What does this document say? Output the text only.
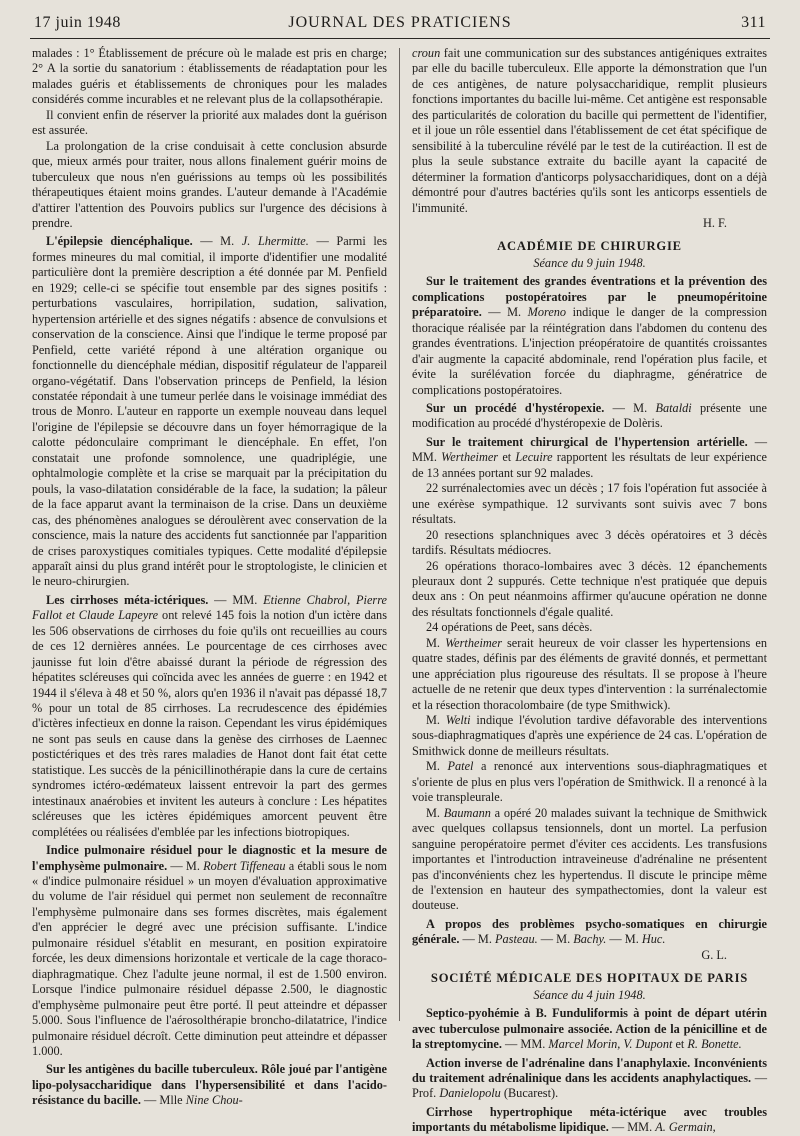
17 juin 1948	JOURNAL DES PRATICIENS	311

malades : 1° Établissement de précure où le malade est pris en charge; 2° A la sortie du sanatorium : établissements de réadaptation pour les malades guéris et établissements de chroniques pour les malades considérés comme incurables et ne relevant plus de la collapsothérapie.

Il convient enfin de réserver la priorité aux malades dont la guérison est assurée.

La prolongation de la crise conduisait à cette conclusion absurde que, mieux armés pour traiter, nous allons finalement guérir moins de tuberculeux que nous n'en guérissions au temps où les possibilités thérapeutiques étaient moins grandes. L'auteur demande à l'Académie d'attirer l'attention des Pouvoirs publics sur l'urgence des décisions à prendre.

L'épilepsie diencéphalique. — M. J. Lhermitte. — Parmi les formes mineures du mal comitial, il importe d'identifier une modalité particulière dont la première description a été donnée par M. Penfield en 1929; celle-ci se spécifie tout ensemble par des signes positifs : perturbations vasculaires, horripilation, sudation, salivation, hypertension artérielle et des signes négatifs : absence de convulsions et conservation de la conscience. Ainsi que l'indique le terme proposé par Penfield, cette variété répond à une altération organique ou fonctionnelle du diencéphale médian, dispositif régulateur de l'appareil organo-végétatif. Dans l'observation princeps de Penfield, la lésion constatée répondait à une tumeur perlée dans le voisinage immédiat des trous de Monro. L'auteur en rapporte un exemple nouveau dans lequel l'origine de l'épilepsie se découvre dans un foyer hémorragique de la calotte pédonculaire comprimant le diencéphale. En effet, l'on constatait une profonde somnolence, une quadriplégie, une ophtalmologie complète et la crise se marquait par la précipitation du pouls, la vaso-dilatation considérable de la face, la sudation; la pâleur de la face apparut avant la terminaison de la crise. Dans un deuxième cas, des phénomènes analogues se déroulèrent avec conservation de la conscience, mais la nature des accidents fut sanctionnée par l'apparition de crises paroxystiques comitiales typiques. Cette modalité d'épilepsie apparaît ainsi du plus grand intérêt pour le stroptologiste, le clinicien et le neuro-chirurgien.

Les cirrhoses méta-ictériques. — MM. Etienne Chabrol, Pierre Fallot et Claude Lapeyre ont relevé 145 fois la notion d'un ictère dans les 506 observations de cirrhoses du foie qu'ils ont recueillies au cours de ces 12 dernières années. Le pourcentage de ces cirrhoses avec jaunisse fut loin d'être abaissé durant la période de régression des hépatites scléreuses qui coïncida avec les années de guerre : en 1942 et 1944 il s'éleva à 48 et 50 %, alors qu'en 1936 il n'avait pas dépassé 18,7 % pour un total de 85 cirrhoses. La recrudescence des épidémies d'ictères infectieux en donne la raison. Cependant les virus épidémiques ne sont pas seuls en cause dans la genèse des cirrhoses de Laennec postictériques et des très rares maladies de Hanot dont fait état cette statistique. Les succès de la pénicillinothérapie dans la cure de certains syndromes ictéro-œdémateux laissent entrevoir la part des germes intestinaux anaérobies et invitent les auteurs à conclure : Les hépatites scléreuses que les ictères épidémiques amorcent peuvent être complétées ou réalisées d'emblée par les infections biotropiques.

Indice pulmonaire résiduel pour le diagnostic et la mesure de l'emphysème pulmonaire. — M. Robert Tiffeneau a établi sous le nom « d'indice pulmonaire résiduel » un moyen d'évaluation approximative du volume de l'air résiduel qui permet non seulement de reconnaître l'emphysème pulmonaire dans ses formes discrètes, mais également d'en apprécier le degré avec une précision suffisante. L'indice pulmonaire résiduel s'établit en mesurant, en position expiratoire forcée, les deux dimensions horizontale et verticale de la cage thoraco-diaphragmatique. Chez l'adulte jeune normal, il est de 1.500 environ. Lorsque l'indice pulmonaire résiduel dépasse 2.500, le diagnostic d'emphysème pulmonaire peut être porté. Il peut atteindre et dépasser 5.000. Sous l'influence de l'aérosolthérapie broncho-dilatatrice, l'indice pulmonaire résiduel décroît. Cette diminution peut atteindre et dépasser 1.000.

Sur les antigènes du bacille tuberculeux. Rôle joué par l'antigène lipo-polysaccharidique dans l'hypersensibilité et dans l'acido-résistance du bacille. — Mlle Nine Chou-

croun fait une communication sur des substances antigéniques extraites par elle du bacille tuberculeux. Elle apporte la démonstration que l'un de ces antigènes, de nature polysaccharidique, remplit plusieurs fonctions importantes du bacille lui-même. Cet antigène est responsable des particularités de coloration du bacille qui permettent de l'identifier, et il joue un rôle essentiel dans l'établissement de cet état spécifique de sensibilité à la tuberculine révélé par le test de la cutiréaction. Il est de plus la seule substance extraite du bacille ayant la capacité de déterminer la formation d'anticorps polysaccharidiques, dont on a déjà démontré pour d'autres bactéries qu'ils sont les anticorps essentiels de l'immunité.

H. F.

ACADÉMIE DE CHIRURGIE
Séance du 9 juin 1948.

Sur le traitement des grandes éventrations et la prévention des complications postopératoires par le pneumopéritoine préparatoire. — M. Moreno indique le danger de la compression thoracique réalisée par la réintégration dans l'abdomen du contenu des grandes éventrations. L'injection préopératoire de quantités croissantes d'air augmente la capacité abdominale, rend l'opération plus facile, et évite la surélévation forcée du diaphragme, génératrice de complications postopératoires.

Sur un procédé d'hystéropexie. — M. Bataldi présente une modification au procédé d'hystéropexie de Dolèris.

Sur le traitement chirurgical de l'hypertension artérielle. — MM. Wertheimer et Lecuire rapportent les résultats de leur expérience de 13 années portant sur 92 malades.

22 surrénalectomies avec un décès ; 17 fois l'opération fut associée à une exérèse sympathique. 12 survivants sont suivis avec 7 bons résultats.

20 resections splanchniques avec 3 décès opératoires et 3 décès tardifs. Résultats médiocres.

26 opérations thoraco-lombaires avec 3 décès. 12 épanchements pleuraux dont 2 suppurés. Cette technique n'est pratiquée que depuis deux ans : On peut néanmoins affirmer qu'aucune opération ne donne des résultats fonctionnels d'égale qualité.

24 opérations de Peet, sans décès.

M. Wertheimer serait heureux de voir classer les hypertensions en quatre stades, définis par des éléments de gravité donnés, et permettant une appréciation plus rigoureuse des résultats. Il se propose à l'heure actuelle de ne retenir que deux types d'intervention : la surrénalectomie et la résection thoracolombaire (de type Smithwick).

M. Welti indique l'évolution tardive défavorable des interventions sous-diaphragmatiques d'après une expérience de 24 cas. L'opération de Smithwick donne de meilleurs résultats.

M. Patel a renoncé aux interventions sous-diaphragmatiques et s'oriente de plus en plus vers l'opération de Smithwick. Il a renoncé à la voie transpleurale.

M. Baumann a opéré 20 malades suivant la technique de Smithwick avec quelques collapsus tensionnels, dont un mortel. La perfusion sanguine peropératoire permet d'éviter ces accidents. Les transfusions importantes et l'introduction intraveineuse d'adrénaline ne présentent pas d'inconvénients chez les hypertendus. Il discute le principe même de l'extension en hauteur des sympathectomies, dont la valeur est douteuse.

A propos des problèmes psycho-somatiques en chirurgie générale. — M. Pasteau. — M. Bachy. — M. Huc.

G. L.

SOCIÉTÉ MÉDICALE DES HOPITAUX DE PARIS
Séance du 4 juin 1948.

Septico-pyohémie à B. Funduliformis à point de départ utérin avec tuberculose pulmonaire associée. Action de la pénicilline et de la streptomycine. — MM. Marcel Morin, V. Dupont et R. Bonette.

Action inverse de l'adrénaline dans l'anaphylaxie. Inconvénients du traitement adrénalinique dans les accidents anaphylactiques. — Prof. Danielopolu (Bucarest).

Cirrhose hypertrophique méta-ictérique avec troubles importants du métabolisme lipidique. — MM. A. Germain,
